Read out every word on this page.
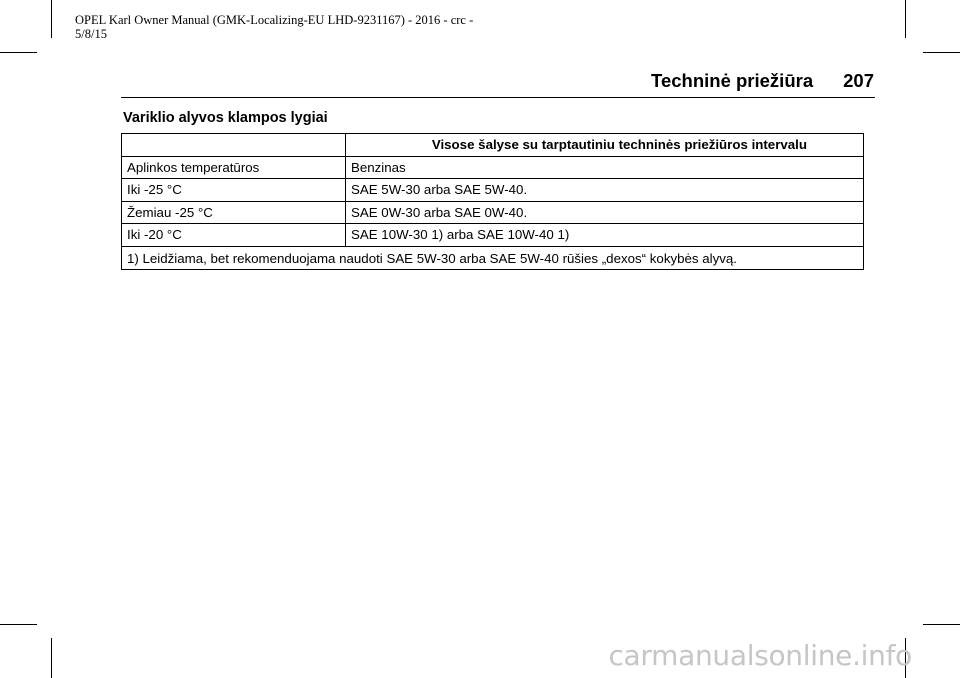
OPEL Karl Owner Manual (GMK-Localizing-EU LHD-9231167) - 2016 - crc -
5/8/15
Techninė priežiūra 207
Variklio alyvos klampos lygiai
	Visose šalyse su tarptautiniu techninės priežiūros intervalu
Aplinkos temperatūros	Benzinas
Iki -25 °C	SAE 5W-30 arba SAE 5W-40.
Žemiau -25 °C	SAE 0W-30 arba SAE 0W-40.
Iki -20 °C	SAE 10W-30 1) arba SAE 10W-40 1)
1) Leidžiama, bet rekomenduojama naudoti SAE 5W-30 arba SAE 5W-40 rūšies „dexos“ kokybės alyvą.	
carmanualsonline.info
